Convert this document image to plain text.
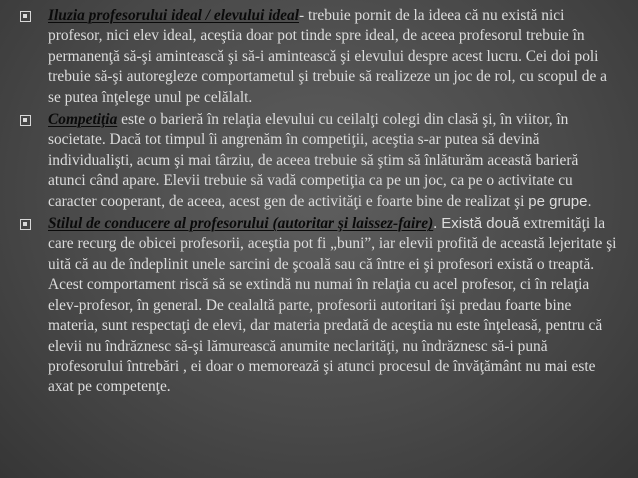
Iluzia profesorului ideal / elevului ideal- trebuie pornit de la ideea că nu există nici profesor, nici elev ideal, aceştia doar pot tinde spre ideal, de aceea profesorul trebuie în permanenţă să-şi aminteascǎ şi să-i aminteascǎ şi elevului despre acest lucru. Cei doi poli trebuie să-şi autoregleze comportametul şi trebuie să realizeze un joc de rol, cu scopul de a se putea înţelege unul pe celălalt.

Competiţia este o barieră în relaţia elevului cu ceilalţi colegi din clasă şi, în viitor, în societate. Dacă tot timpul îi angrenăm în competiţii, aceştia s-ar putea să devină individualişti, acum şi mai târziu, de aceea trebuie să ştim să înlăturăm această barieră atunci când apare. Elevii trebuie să vadă competiţia ca pe un joc, ca pe o activitate cu caracter cooperant, de aceea, acest gen de activităţi e foarte bine de realizat şi pe grupe.

Stilul de conducere al profesorului (autoritar şi laissez-faire). Există două extremităţi la care recurg de obicei profesorii, aceştia pot fi „buni”, iar elevii profită de această lejeritate şi uită că au de îndeplinit unele sarcini de şcoală sau că între ei şi profesori există o treaptă. Acest comportament riscă să se extindă nu numai în relaţia cu acel profesor, ci în relaţia elev-profesor, în general. De cealaltă parte, profesorii autoritari îşi predau foarte bine materia, sunt respectaţi de elevi, dar materia predată de aceştia nu este înţeleasă, pentru că elevii nu îndrăznesc să-şi lămurească anumite neclarităţi, nu îndrăznesc să-i pună profesorului întrebări , ei doar o memorează şi atunci procesul de învăţământ nu mai este axat pe competenţe.
